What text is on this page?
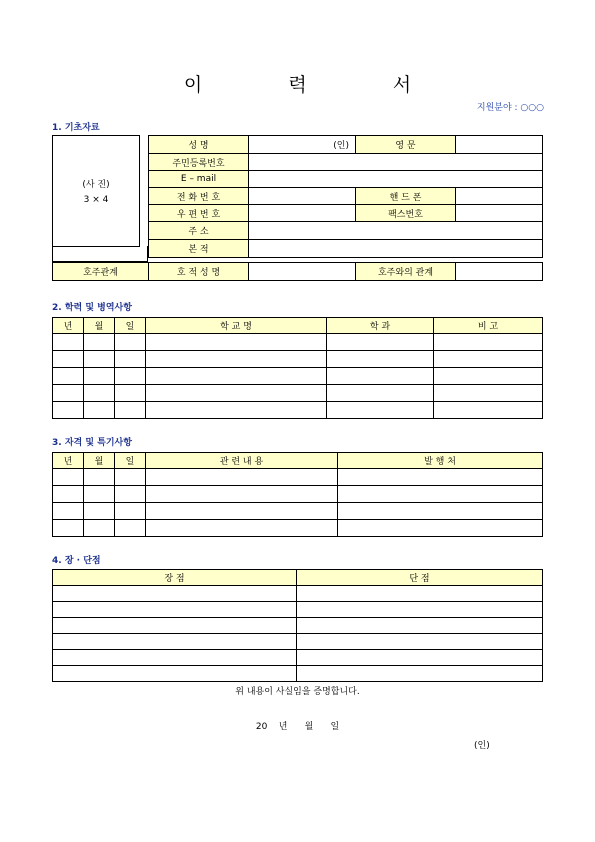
이 력 서
지원분야 : ○○○
1. 기초자료
(사 진)
3 × 4
성 명	(인)	영 문	
주민등록번호			
E – mail			
전 화 번 호		핸 드 폰	
우 편 번 호		팩스번호	
주 소			
본 적			
호주관계	호 적 성 명		호주와의 관계	
2. 학력 및 병역사항
년	월	일	학 교 명	학 과	비 고

3. 자격 및 특기사항
년	월	일	관 련 내 용	발 행 처

4. 장 · 단점
장 점	단 점

위 내용이 사실임을 증명합니다.
20    년      월      일
(인)
